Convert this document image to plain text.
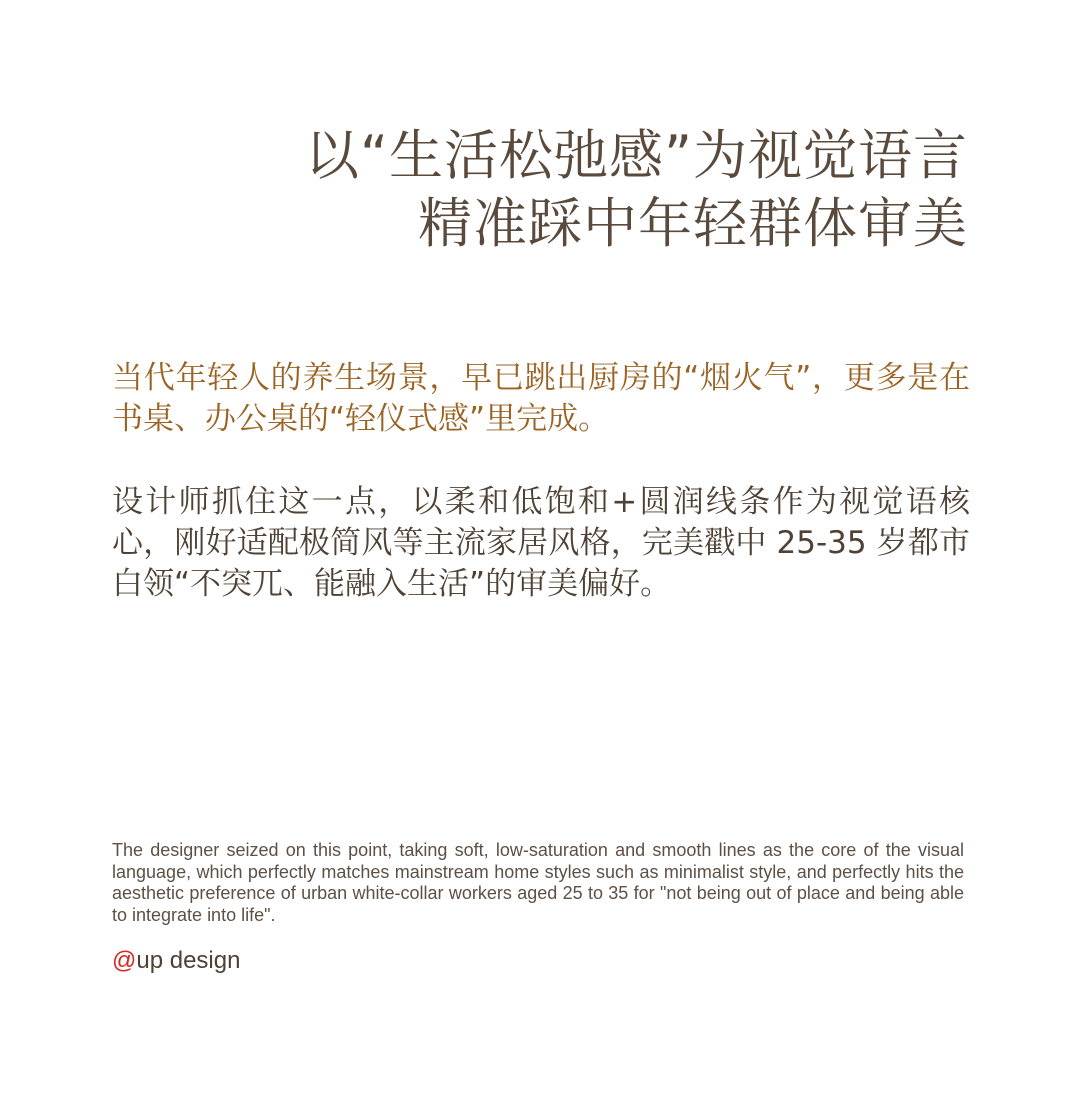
以“生活松弛感”为视觉语言
精准踩中年轻群体审美
当代年轻人的养生场景，早已跳出厨房的“烟火气”，更多是在书桌、办公桌的“轻仪式感”里完成。
设计师抓住这一点，以柔和低饱和+圆润线条作为视觉语核心，刚好适配极简风等主流家居风格，完美戳中 25-35 岁都市白领“不突兀、能融入生活”的审美偏好。
The designer seized on this point, taking soft, low-saturation and smooth lines as the core of the visual language, which perfectly matches mainstream home styles such as minimalist style, and perfectly hits the aesthetic preference of urban white-collar workers aged 25 to 35 for "not being out of place and being able to integrate into life".
@up design
